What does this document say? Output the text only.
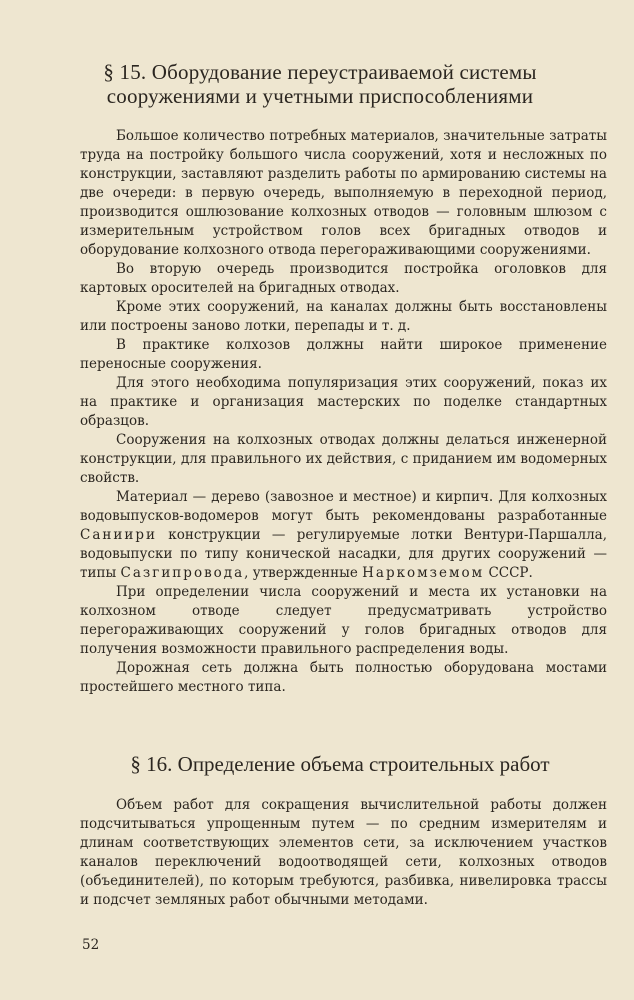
§ 15. Оборудование переустраиваемой системы
сооружениями и учетными приспособлениями

Большое количество потребных материалов, значительные затраты труда на постройку большого числа сооружений, хотя и несложных по конструкции, заставляют разделить работы по армированию системы на две очереди: в первую очередь, выполняемую в переходной период, производится ошлюзование колхозных отводов — головным шлюзом с измерительным устройством голов всех бригадных отводов и оборудование колхозного отвода перегораживающими сооружениями.

Во вторую очередь производится постройка оголовков для картовых оросителей на бригадных отводах.

Кроме этих сооружений, на каналах должны быть восстановлены или построены заново лотки, перепады и т. д.

В практике колхозов должны найти широкое применение переносные сооружения.

Для этого необходима популяризация этих сооружений, показ их на практике и организация мастерских по поделке стандартных образцов.

Сооружения на колхозных отводах должны делаться инженерной конструкции, для правильного их действия, с приданием им водомерных свойств.

Материал — дерево (завозное и местное) и кирпич. Для колхозных водовыпусков-водомеров могут быть рекомендованы разработанные Саниири конструкции — регулируемые лотки Вентури-Паршалла, водовыпуски по типу конической насадки, для других сооружений — типы Сазгипровода, утвержденные Наркомземом СССР.

При определении числа сооружений и места их установки на колхозном отводе следует предусматривать устройство перегораживающих сооружений у голов бригадных отводов для получения возможности правильного распределения воды.

Дорожная сеть должна быть полностью оборудована мостами простейшего местного типа.

§ 16. Определение объема строительных работ

Объем работ для сокращения вычислительной работы должен подсчитываться упрощенным путем — по средним измерителям и длинам соответствующих элементов сети, за исключением участков каналов переключений водоотводящей сети, колхозных отводов (объединителей), по которым требуются, разбивка, нивелировка трассы и подсчет земляных работ обычными методами.

52
